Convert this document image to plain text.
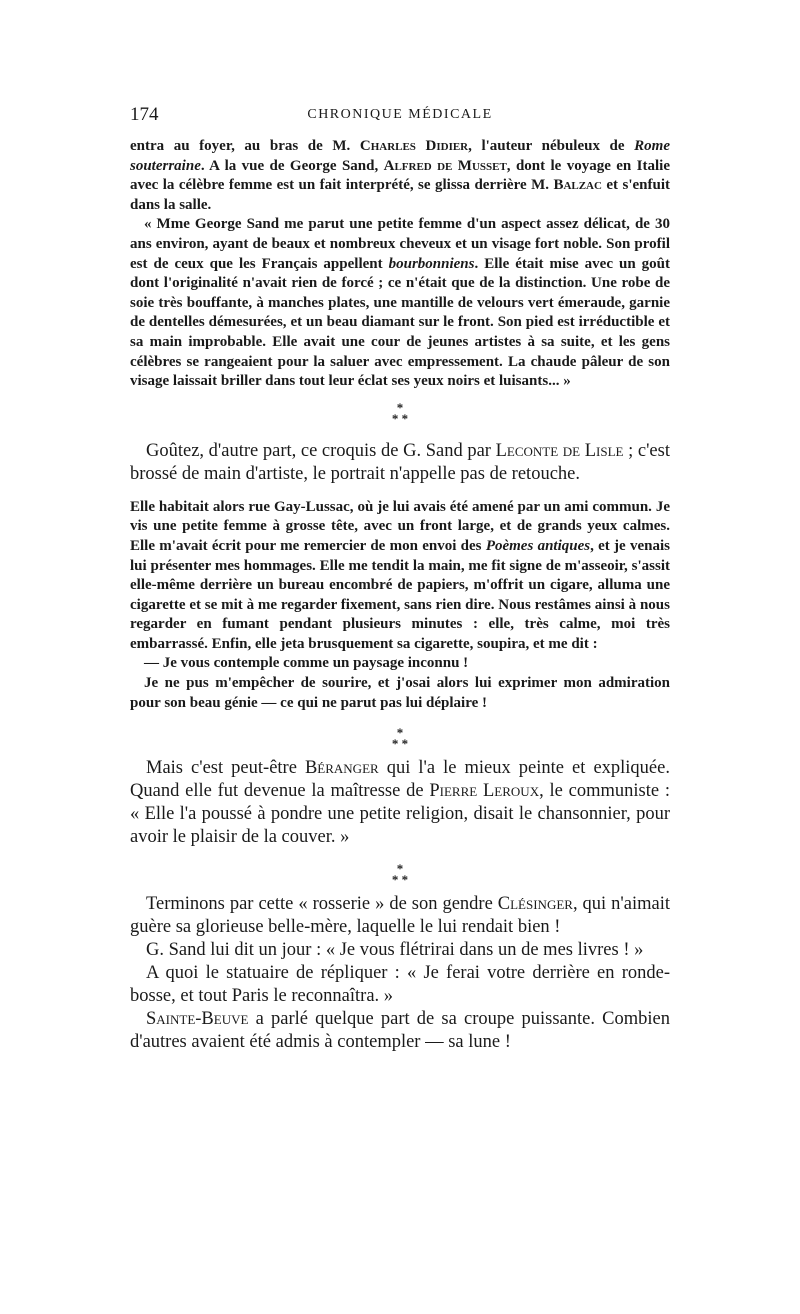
174	CHRONIQUE MÉDICALE

entra au foyer, au bras de M. Charles Didier, l'auteur nébuleux de Rome souterraine. A la vue de George Sand, Alfred de Musset, dont le voyage en Italie avec la célèbre femme est un fait interprété, se glissa derrière M. Balzac et s'enfuit dans la salle.

« Mme George Sand me parut une petite femme d'un aspect assez délicat, de 30 ans environ, ayant de beaux et nombreux cheveux et un visage fort noble. Son profil est de ceux que les Français appellent bourbonniens. Elle était mise avec un goût dont l'originalité n'avait rien de forcé ; ce n'était que de la distinction. Une robe de soie très bouffante, à manches plates, une mantille de velours vert émeraude, garnie de dentelles démesurées, et un beau diamant sur le front. Son pied est irréductible et sa main improbable. Elle avait une cour de jeunes artistes à sa suite, et les gens célèbres se rangeaient pour la saluer avec empressement. La chaude pâleur de son visage laissait briller dans tout leur éclat ses yeux noirs et luisants... »

*
* *

Goûtez, d'autre part, ce croquis de G. Sand par Leconte de Lisle ; c'est brossé de main d'artiste, le portrait n'appelle pas de retouche.

Elle habitait alors rue Gay-Lussac, où je lui avais été amené par un ami commun. Je vis une petite femme à grosse tête, avec un front large, et de grands yeux calmes. Elle m'avait écrit pour me remercier de mon envoi des Poèmes antiques, et je venais lui présenter mes hommages. Elle me tendit la main, me fit signe de m'asseoir, s'assit elle-même derrière un bureau encombré de papiers, m'offrit un cigare, alluma une cigarette et se mit à me regarder fixement, sans rien dire. Nous restâmes ainsi à nous regarder en fumant pendant plusieurs minutes : elle, très calme, moi très embarrassé. Enfin, elle jeta brusquement sa cigarette, soupira, et me dit :

— Je vous contemple comme un paysage inconnu !

Je ne pus m'empêcher de sourire, et j'osai alors lui exprimer mon admiration pour son beau génie — ce qui ne parut pas lui déplaire !

*
* *

Mais c'est peut-être Béranger qui l'a le mieux peinte et expliquée. Quand elle fut devenue la maîtresse de Pierre Leroux, le communiste : « Elle l'a poussé à pondre une petite religion, disait le chansonnier, pour avoir le plaisir de la couver. »

*
* *

Terminons par cette « rosserie » de son gendre Clésinger, qui n'aimait guère sa glorieuse belle-mère, laquelle le lui rendait bien !

G. Sand lui dit un jour : « Je vous flétrirai dans un de mes livres ! »

A quoi le statuaire de répliquer : « Je ferai votre derrière en ronde-bosse, et tout Paris le reconnaîtra. »

Sainte-Beuve a parlé quelque part de sa croupe puissante. Combien d'autres avaient été admis à contempler — sa lune !
